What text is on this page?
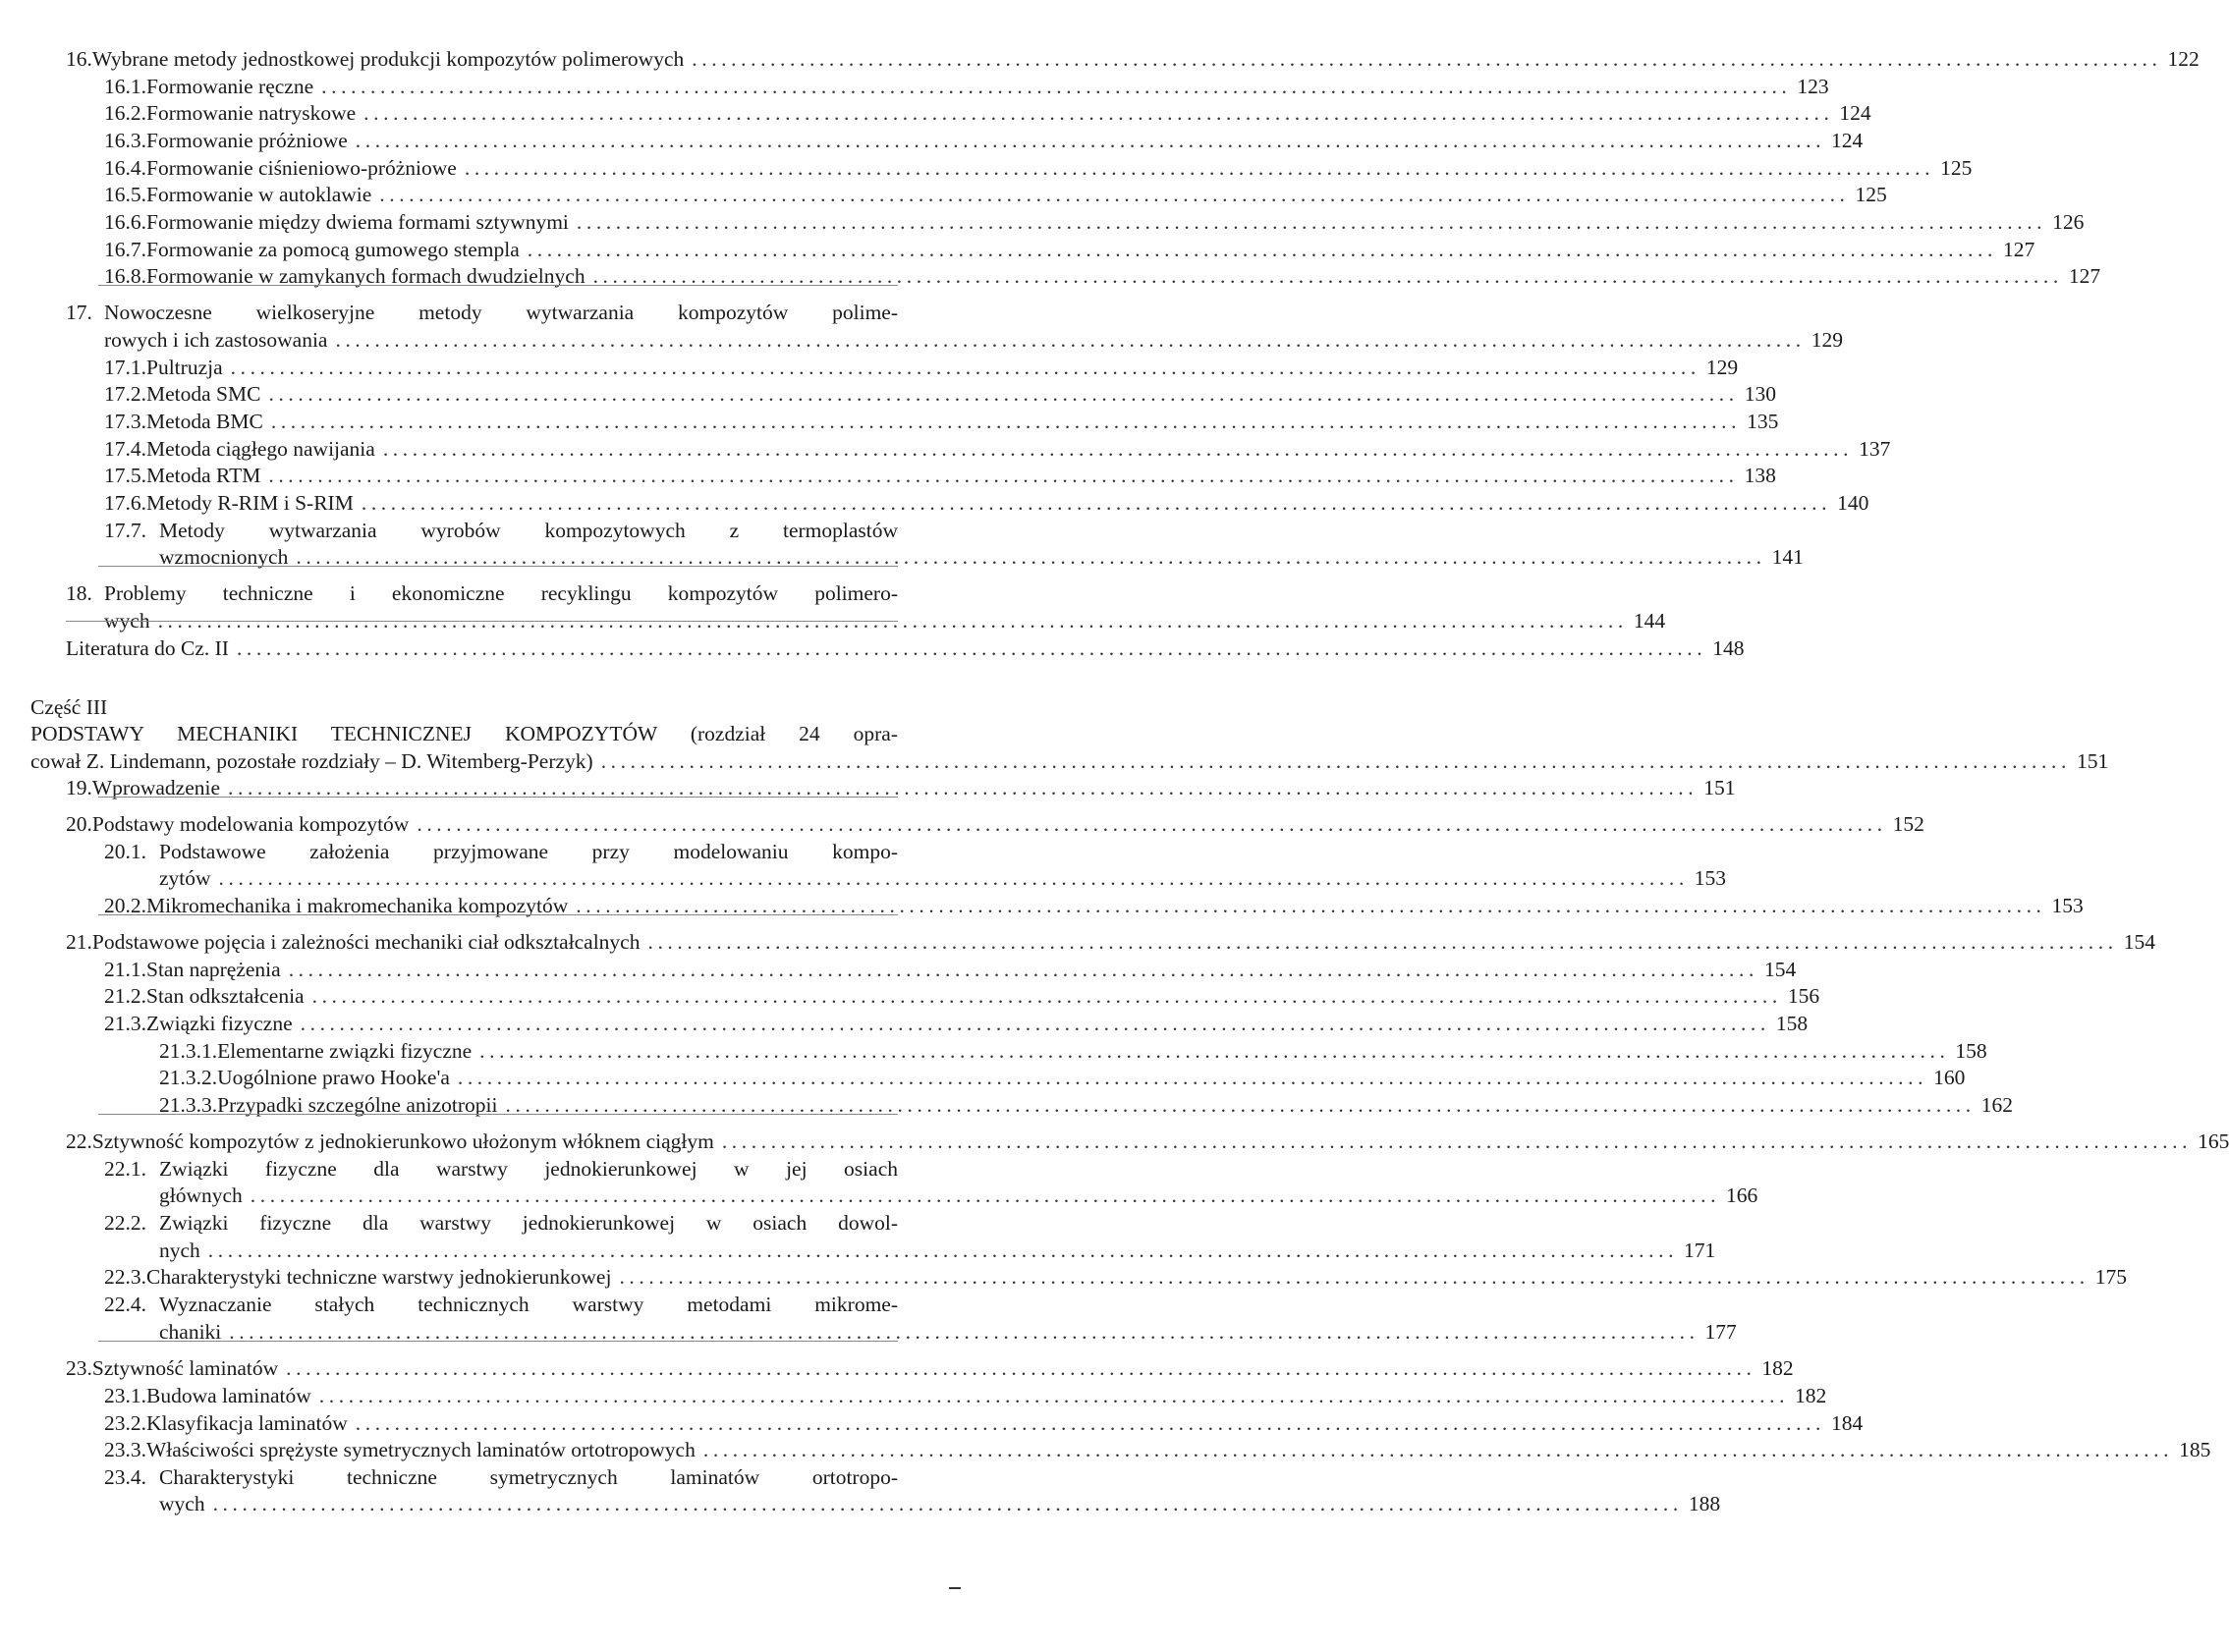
16. Wybrane metody jednostkowej produkcji kompozytów polimerowych ...................................................................................................................................................... 122
16.1. Formowanie ręczne ...................................................................................................................................................... 123
16.2. Formowanie natryskowe ...................................................................................................................................................... 124
16.3. Formowanie próżniowe ...................................................................................................................................................... 124
16.4. Formowanie ciśnieniowo-próżniowe ...................................................................................................................................................... 125
16.5. Formowanie w autoklawie ...................................................................................................................................................... 125
16.6. Formowanie między dwiema formami sztywnymi ...................................................................................................................................................... 126
16.7. Formowanie za pomocą gumowego stempla ...................................................................................................................................................... 127
16.8. Formowanie w zamykanych formach dwudzielnych ...................................................................................................................................................... 127
17. Nowoczesne wielkoseryjne metody wytwarzania kompozytów polime-
rowych i ich zastosowania ...................................................................................................................................................... 129
17.1. Pultruzja ...................................................................................................................................................... 129
17.2. Metoda SMC ...................................................................................................................................................... 130
17.3. Metoda BMC ...................................................................................................................................................... 135
17.4. Metoda ciągłego nawijania ...................................................................................................................................................... 137
17.5. Metoda RTM ...................................................................................................................................................... 138
17.6. Metody R-RIM i S-RIM ...................................................................................................................................................... 140
17.7. Metody wytwarzania wyrobów kompozytowych z termoplastów
wzmocnionych ...................................................................................................................................................... 141
18. Problemy techniczne i ekonomiczne recyklingu kompozytów polimero-
wych ...................................................................................................................................................... 144
Literatura do Cz. II ...................................................................................................................................................... 148
19. Wprowadzenie ...................................................................................................................................................... 151
20. Podstawy modelowania kompozytów ...................................................................................................................................................... 152
20.1. Podstawowe założenia przyjmowane przy modelowaniu kompo-
zytów ...................................................................................................................................................... 153
20.2. Mikromechanika i makromechanika kompozytów ...................................................................................................................................................... 153
21. Podstawowe pojęcia i zależności mechaniki ciał odkształcalnych ...................................................................................................................................................... 154
21.1. Stan naprężenia ...................................................................................................................................................... 154
21.2. Stan odkształcenia ...................................................................................................................................................... 156
21.3. Związki fizyczne ...................................................................................................................................................... 158
21.3.1. Elementarne związki fizyczne ...................................................................................................................................................... 158
21.3.2. Uogólnione prawo Hooke'a ...................................................................................................................................................... 160
21.3.3. Przypadki szczególne anizotropii ...................................................................................................................................................... 162
22. Sztywność kompozytów z jednokierunkowo ułożonym włóknem ciągłym ...................................................................................................................................................... 165
22.1. Związki fizyczne dla warstwy jednokierunkowej w jej osiach
głównych ...................................................................................................................................................... 166
22.2. Związki fizyczne dla warstwy jednokierunkowej w osiach dowol-
nych ...................................................................................................................................................... 171
22.3. Charakterystyki techniczne warstwy jednokierunkowej ...................................................................................................................................................... 175
22.4. Wyznaczanie stałych technicznych warstwy metodami mikrome-
chaniki ...................................................................................................................................................... 177
23. Sztywność laminatów ...................................................................................................................................................... 182
23.1. Budowa laminatów ...................................................................................................................................................... 182
23.2. Klasyfikacja laminatów ...................................................................................................................................................... 184
23.3. Właściwości sprężyste symetrycznych laminatów ortotropowych ...................................................................................................................................................... 185
23.4. Charakterystyki techniczne symetrycznych laminatów ortotropo-
wych ...................................................................................................................................................... 188
Część III
PODSTAWY MECHANIKI TECHNICZNEJ KOMPOZYTÓW (rozdział 24 opra-
cował Z. Lindemann, pozostałe rozdziały – D. Witemberg-Perzyk) ...................................................................................................................................................... 151
